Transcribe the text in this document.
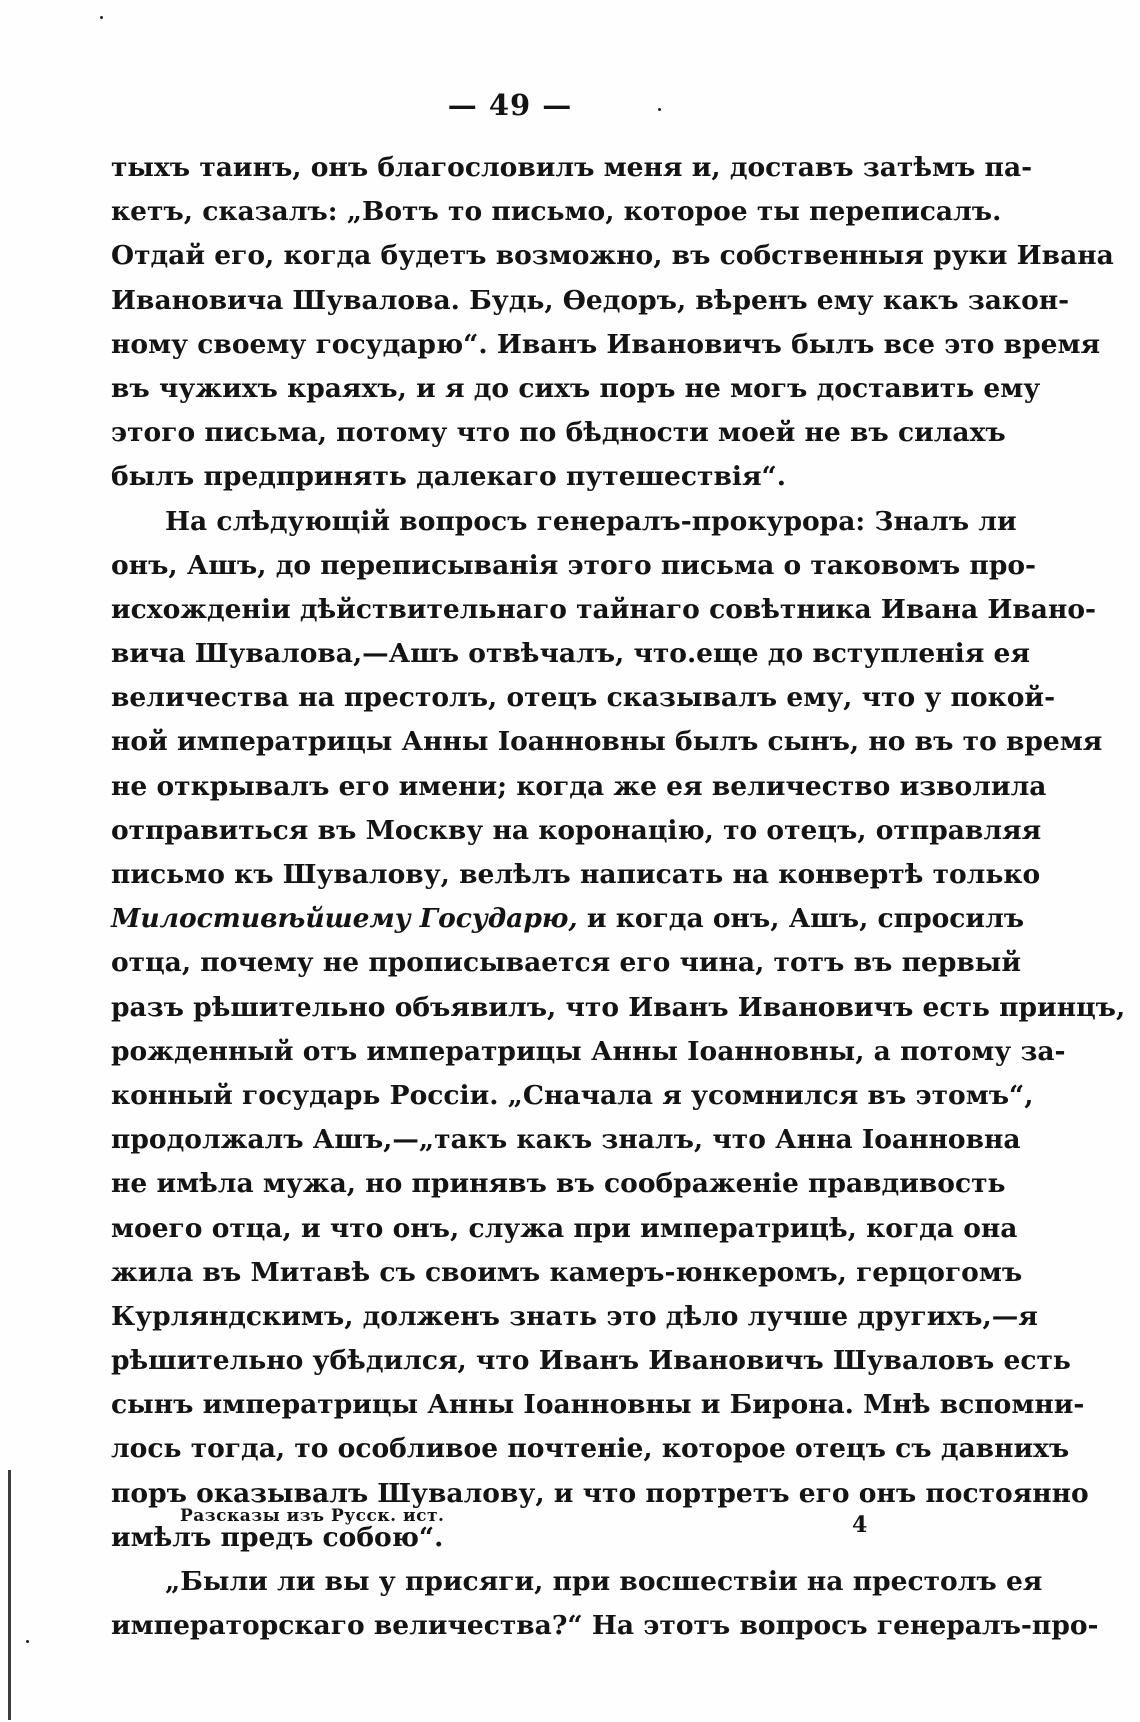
— 49 —
тыхъ таинъ, онъ благословилъ меня и, доставъ затѣмъ па-
кетъ, сказалъ: „Вотъ то письмо, которое ты переписалъ.
Отдай его, когда будетъ возможно, въ собственныя руки Ивана
Ивановича Шувалова. Будь, Өедоръ, вѣренъ ему какъ закон-
ному своему государю“. Иванъ Ивановичъ былъ все это время
въ чужихъ краяхъ, и я до сихъ поръ не могъ доставить ему
этого письма, потому что по бѣдности моей не въ силахъ
былъ предпринять далекаго путешествія“.
На слѣдующій вопросъ генералъ-прокурора: Зналъ ли
онъ, Ашъ, до переписыванія этого письма о таковомъ про-
исхожденіи дѣйствительнаго тайнаго совѣтника Ивана Ивано-
вича Шувалова,—Ашъ отвѣчалъ, что.еще до вступленія ея
величества на престолъ, отецъ сказывалъ ему, что у покой-
ной императрицы Анны Іоанновны былъ сынъ, но въ то время
не открывалъ его имени; когда же ея величество изволила
отправиться въ Москву на коронацію, то отецъ, отправляя
письмо къ Шувалову, велѣлъ написать на конвертѣ только
Милостивѣйшему Государю, и когда онъ, Ашъ, спросилъ
отца, почему не прописывается его чина, тотъ въ первый
разъ рѣшительно объявилъ, что Иванъ Ивановичъ есть принцъ,
рожденный отъ императрицы Анны Іоанновны, а потому за-
конный государь Россіи. „Сначала я усомнился въ этомъ“,
продолжалъ Ашъ,—„такъ какъ зналъ, что Анна Іоанновна
не имѣла мужа, но принявъ въ соображеніе правдивость
моего отца, и что онъ, служа при императрицѣ, когда она
жила въ Митавѣ съ своимъ камеръ-юнкеромъ, герцогомъ
Курляндскимъ, долженъ знать это дѣло лучше другихъ,—я
рѣшительно убѣдился, что Иванъ Ивановичъ Шуваловъ есть
сынъ императрицы Анны Іоанновны и Бирона. Мнѣ вспомни-
лось тогда, то особливое почтеніе, которое отецъ съ давнихъ
поръ оказывалъ Шувалову, и что портретъ его онъ постоянно
имѣлъ предъ собою“.
„Были ли вы у присяги, при восшествіи на престолъ ея
императорскаго величества?“ На этотъ вопросъ генералъ-про-
Разсказы изъ Русск. ист.	4
